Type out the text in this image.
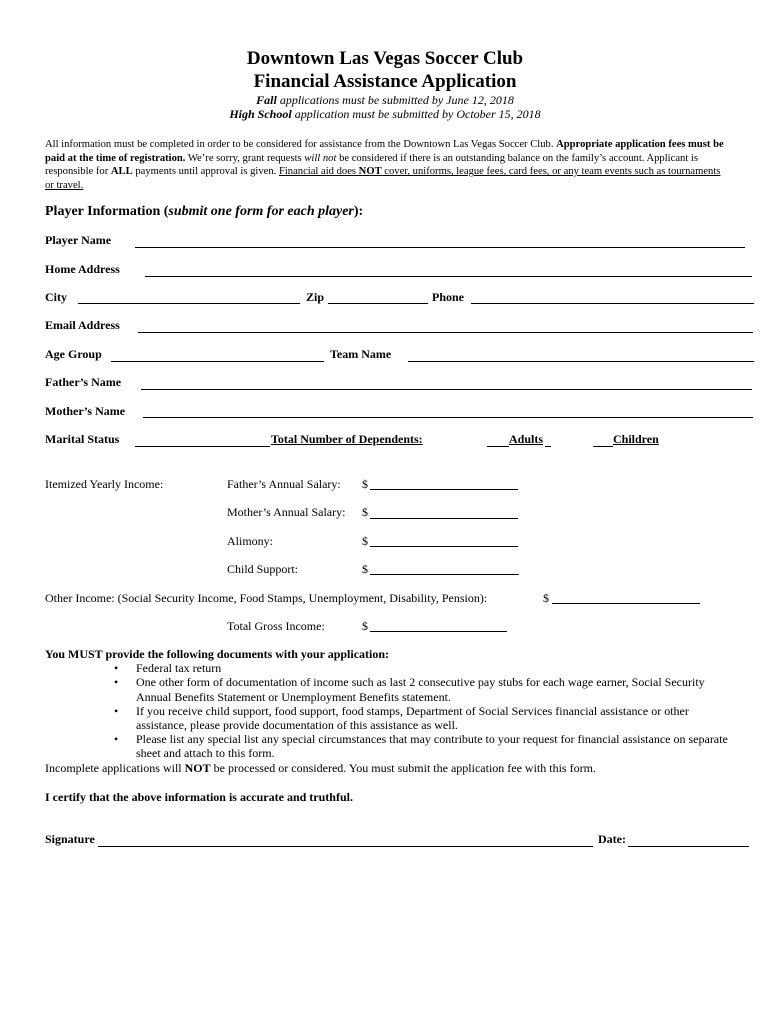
Downtown Las Vegas Soccer Club
Financial Assistance Application
Fall applications must be submitted by June 12, 2018
High School application must be submitted by October 15, 2018
All information must be completed in order to be considered for assistance from the Downtown Las Vegas Soccer Club. Appropriate application fees must be paid at the time of registration. We’re sorry, grant requests will not be considered if there is an outstanding balance on the family’s account. Applicant is responsible for ALL payments until approval is given. Financial aid does NOT cover, uniforms, league fees, card fees, or any team events such as tournaments or travel.
Player Information (submit one form for each player):
Player Name
Home Address
City	Zip	Phone
Email Address
Age Group	Team Name
Father’s Name
Mother’s Name
Marital Status	Total Number of Dependents:	Adults	Children
Itemized Yearly Income:	Father’s Annual Salary: $
Mother’s Annual Salary: $
Alimony:	$
Child Support:	$
Other Income: (Social Security Income, Food Stamps, Unemployment, Disability, Pension):	$
Total Gross Income:	$
You MUST provide the following documents with your application:
• Federal tax return
• One other form of documentation of income such as last 2 consecutive pay stubs for each wage earner, Social Security Annual Benefits Statement or Unemployment Benefits statement.
• If you receive child support, food support, food stamps, Department of Social Services financial assistance or other assistance, please provide documentation of this assistance as well.
• Please list any special list any special circumstances that may contribute to your request for financial assistance on separate sheet and attach to this form.
Incomplete applications will NOT be processed or considered. You must submit the application fee with this form.
I certify that the above information is accurate and truthful.
Signature	Date:
